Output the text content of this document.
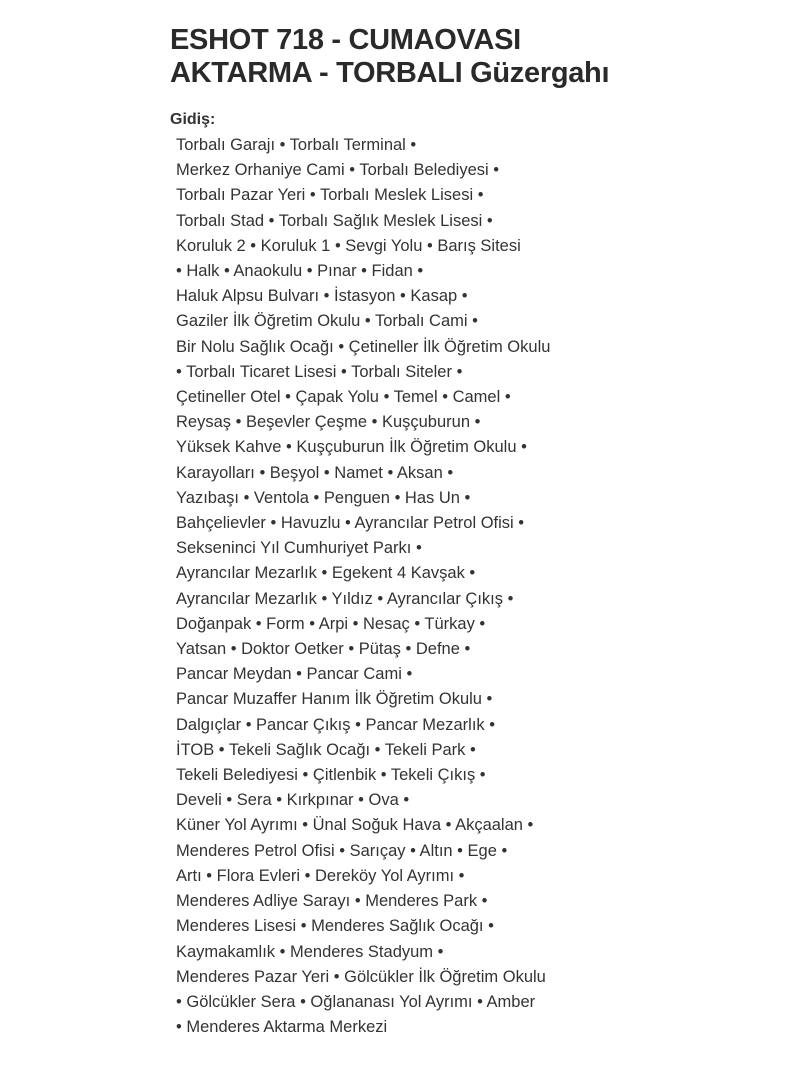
ESHOT 718 - CUMAOVASI AKTARMA - TORBALI Güzergahı
Gidiş:
Torbalı Garajı • Torbalı Terminal •
Merkez Orhaniye Cami • Torbalı Belediyesi •
Torbalı Pazar Yeri • Torbalı Meslek Lisesi •
Torbalı Stad • Torbalı Sağlık Meslek Lisesi •
Koruluk 2 • Koruluk 1 • Sevgi Yolu • Barış Sitesi
• Halk • Anaokulu • Pınar • Fidan •
Haluk Alpsu Bulvarı • İstasyon • Kasap •
Gaziler İlk Öğretim Okulu • Torbalı Cami •
Bir Nolu Sağlık Ocağı • Çetineller İlk Öğretim Okulu
• Torbalı Ticaret Lisesi • Torbalı Siteler •
Çetineller Otel • Çapak Yolu • Temel • Camel •
Reysaş • Beşevler Çeşme • Kuşçuburun •
Yüksek Kahve • Kuşçuburun İlk Öğretim Okulu •
Karayolları • Beşyol • Namet • Aksan •
Yazıbaşı • Ventola • Penguen • Has Un •
Bahçelievler • Havuzlu • Ayrancılar Petrol Ofisi •
Sekseninci Yıl Cumhuriyet Parkı •
Ayrancılar Mezarlık • Egekent 4 Kavşak •
Ayrancılar Mezarlık • Yıldız • Ayrancılar Çıkış •
Doğanpak • Form • Arpi • Nesaç • Türkay •
Yatsan • Doktor Oetker • Pütaş • Defne •
Pancar Meydan • Pancar Cami •
Pancar Muzaffer Hanım İlk Öğretim Okulu •
Dalgıçlar • Pancar Çıkış • Pancar Mezarlık •
İTOB • Tekeli Sağlık Ocağı • Tekeli Park •
Tekeli Belediyesi • Çitlenbik • Tekeli Çıkış •
Develi • Sera • Kırkpınar • Ova •
Küner Yol Ayrımı • Ünal Soğuk Hava • Akçaalan •
Menderes Petrol Ofisi • Sarıçay • Altın • Ege •
Artı • Flora Evleri • Dereköy Yol Ayrımı •
Menderes Adliye Sarayı • Menderes Park •
Menderes Lisesi • Menderes Sağlık Ocağı •
Kaymakamlık • Menderes Stadyum •
Menderes Pazar Yeri • Gölcükler İlk Öğretim Okulu
• Gölcükler Sera • Oğlananası Yol Ayrımı • Amber
• Menderes Aktarma Merkezi
